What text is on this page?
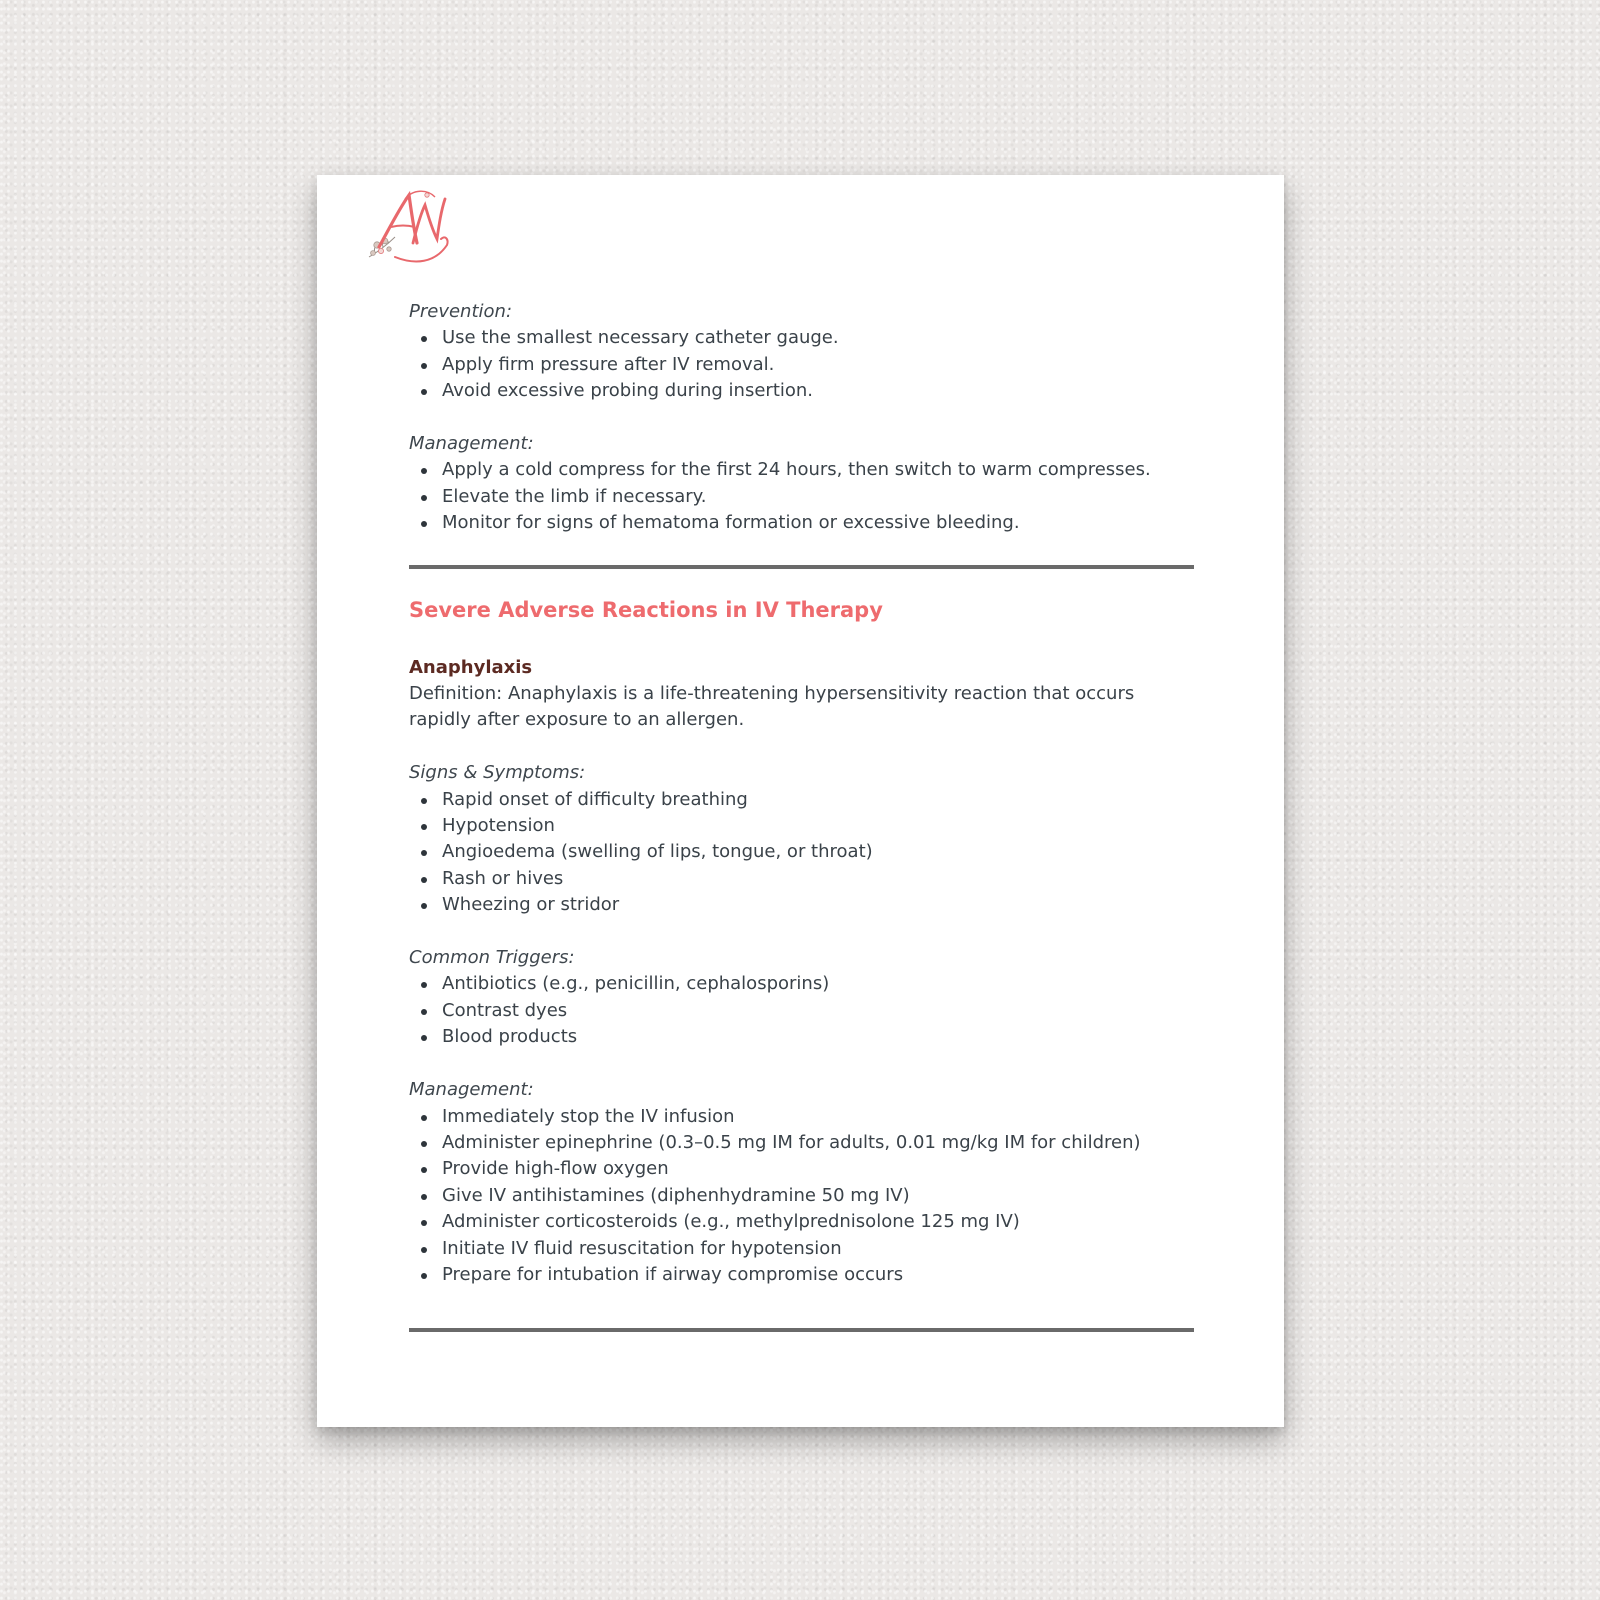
Prevention:
Use the smallest necessary catheter gauge.
Apply firm pressure after IV removal.
Avoid excessive probing during insertion.
Management:
Apply a cold compress for the first 24 hours, then switch to warm compresses.
Elevate the limb if necessary.
Monitor for signs of hematoma formation or excessive bleeding.
Severe Adverse Reactions in IV Therapy
Anaphylaxis

Definition: Anaphylaxis is a life-threatening hypersensitivity reaction that occurs rapidly after exposure to an allergen.

Signs & Symptoms:
Rapid onset of difficulty breathing
Hypotension
Angioedema (swelling of lips, tongue, or throat)
Rash or hives
Wheezing or stridor
Common Triggers:
Antibiotics (e.g., penicillin, cephalosporins)
Contrast dyes
Blood products
Management:
Immediately stop the IV infusion
Administer epinephrine (0.3–0.5 mg IM for adults, 0.01 mg/kg IM for children)
Provide high-flow oxygen
Give IV antihistamines (diphenhydramine 50 mg IV)
Administer corticosteroids (e.g., methylprednisolone 125 mg IV)
Initiate IV fluid resuscitation for hypotension
Prepare for intubation if airway compromise occurs
